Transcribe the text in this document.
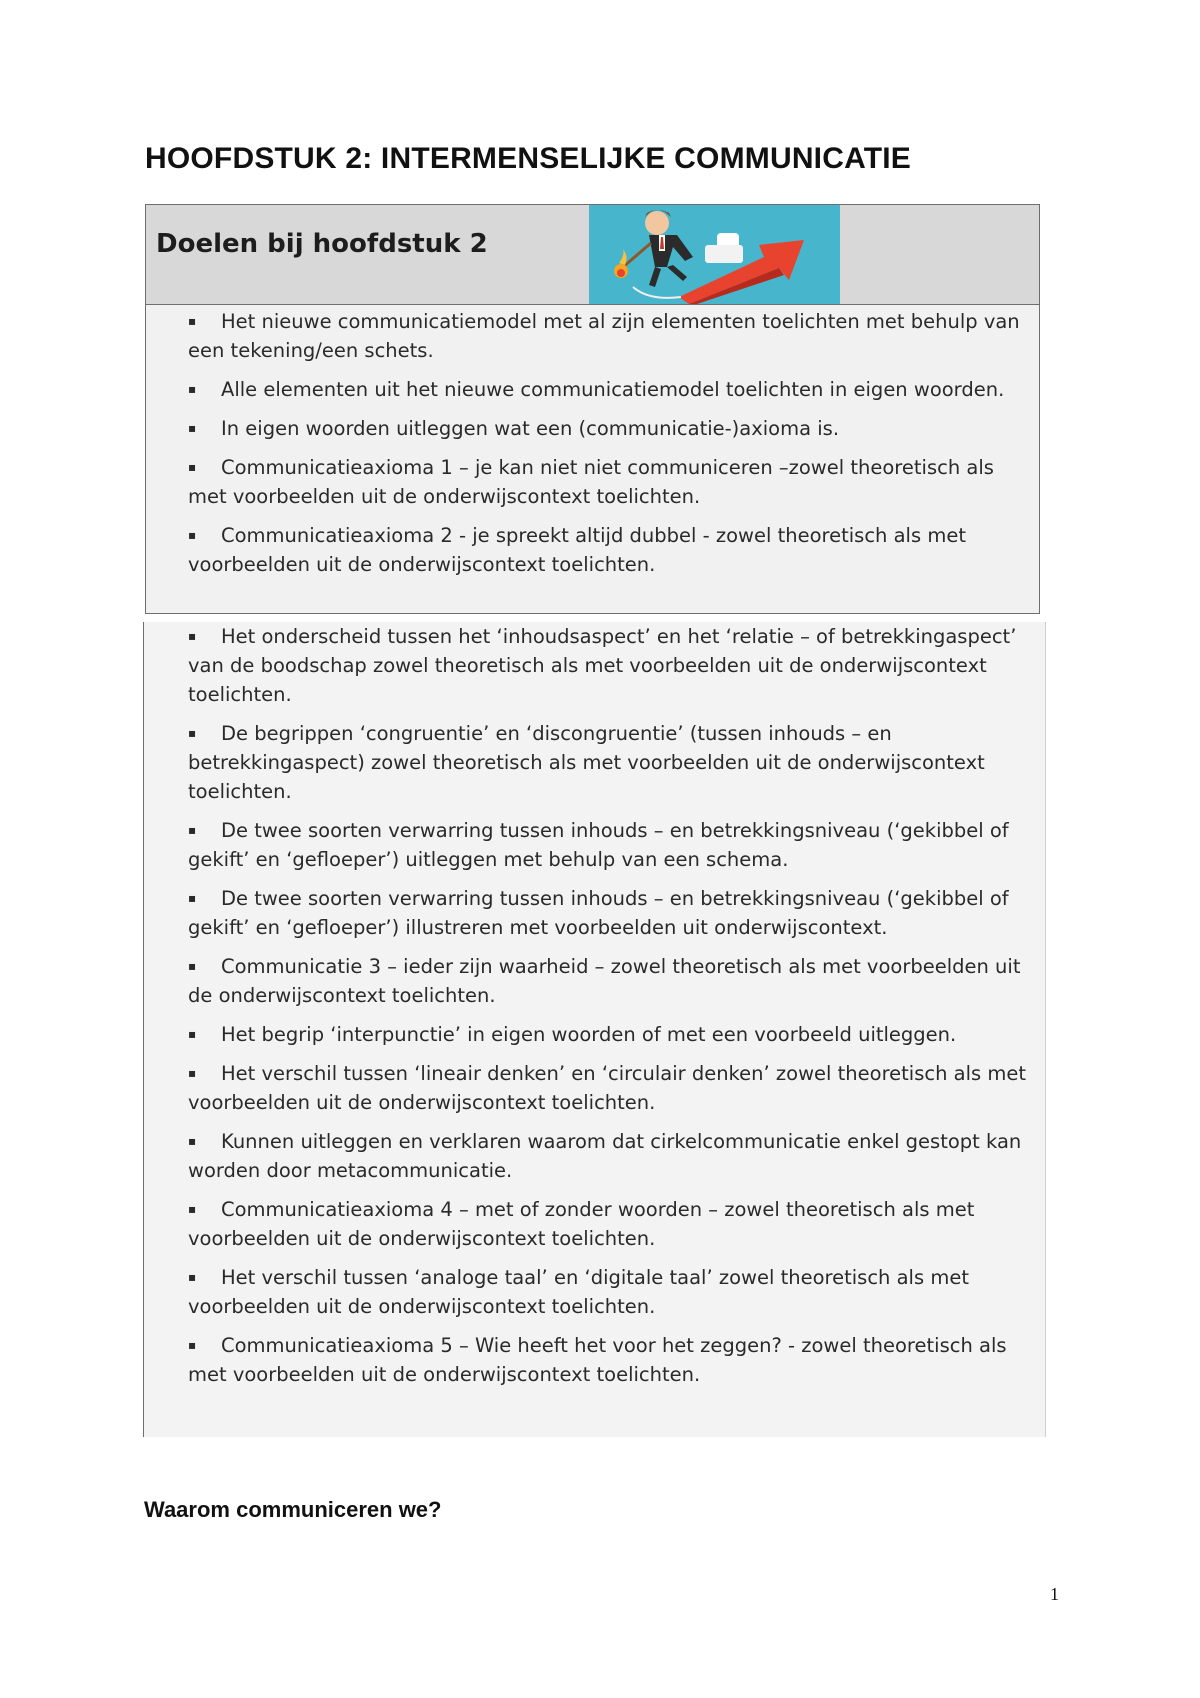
HOOFDSTUK 2: INTERMENSELIJKE COMMUNICATIE
Doelen bij hoofdstuk 2
▪ Het nieuwe communicatiemodel met al zijn elementen toelichten met behulp van een tekening/een schets.
▪ Alle elementen uit het nieuwe communicatiemodel toelichten in eigen woorden.
▪ In eigen woorden uitleggen wat een (communicatie-)axioma is.
▪ Communicatieaxioma 1 – je kan niet niet communiceren –zowel theoretisch als met voorbeelden uit de onderwijscontext toelichten.
▪ Communicatieaxioma 2 - je spreekt altijd dubbel - zowel theoretisch als met voorbeelden uit de onderwijscontext toelichten.
▪ Het onderscheid tussen het ‘inhoudsaspect’ en het ‘relatie – of betrekkingaspect’ van de boodschap zowel theoretisch als met voorbeelden uit de onderwijscontext toelichten.
▪ De begrippen ‘congruentie’ en ‘discongruentie’ (tussen inhouds – en betrekkingaspect) zowel theoretisch als met voorbeelden uit de onderwijscontext toelichten.
▪ De twee soorten verwarring tussen inhouds – en betrekkingsniveau (‘gekibbel of gekift’ en ‘gefloeper’) uitleggen met behulp van een schema.
▪ De twee soorten verwarring tussen inhouds – en betrekkingsniveau (‘gekibbel of gekift’ en ‘gefloeper’) illustreren met voorbeelden uit onderwijscontext.
▪ Communicatie 3 – ieder zijn waarheid – zowel theoretisch als met voorbeelden uit de onderwijscontext toelichten.
▪ Het begrip ‘interpunctie’ in eigen woorden of met een voorbeeld uitleggen.
▪ Het verschil tussen ‘lineair denken’ en ‘circulair denken’ zowel theoretisch als met voorbeelden uit de onderwijscontext toelichten.
▪ Kunnen uitleggen en verklaren waarom dat cirkelcommunicatie enkel gestopt kan worden door metacommunicatie.
▪ Communicatieaxioma 4 – met of zonder woorden – zowel theoretisch als met voorbeelden uit de onderwijscontext toelichten.
▪ Het verschil tussen ‘analoge taal’ en ‘digitale taal’ zowel theoretisch als met voorbeelden uit de onderwijscontext toelichten.
▪ Communicatieaxioma 5 – Wie heeft het voor het zeggen? - zowel theoretisch als met voorbeelden uit de onderwijscontext toelichten.
Waarom communiceren we?
1
